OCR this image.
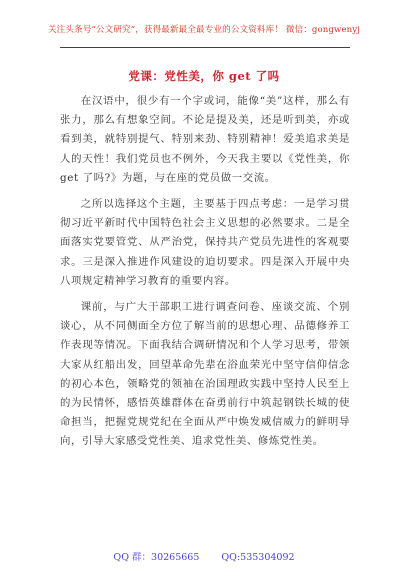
关注头条号“公文研究”，获得最新最全最专业的公文资料库！ 微信：gongwenyj
党课：党性美，你 get 了吗

在汉语中，很少有一个字或词，能像“美”这样，那么有张力，那么有想象空间。不论是提及美，还是听到美，亦或看到美，就特别提气、特别来劲、特别精神！爱美追求美是人的天性！我们党员也不例外，今天我主要以《党性美，你 get 了吗?》为题，与在座的党员做一交流。

之所以选择这个主题，主要基于四点考虑：一是学习贯彻习近平新时代中国特色社会主义思想的必然要求。二是全面落实党要管党、从严治党，保持共产党员先进性的客观要求。三是深入推进作风建设的迫切要求。四是深入开展中央八项规定精神学习教育的重要内容。

课前，与广大干部职工进行调查问卷、座谈交流、个别谈心，从不同侧面全方位了解当前的思想心理、品德修养工作表现等情况。下面我结合调研情况和个人学习思考，带领大家从红船出发，回望革命先辈在浴血荣光中坚守信仰信念的初心本色，领略党的领袖在治国理政实践中坚持人民至上的为民情怀，感悟英雄群体在奋勇前行中筑起钢铁长城的使命担当，把握党规党纪在全面从严中焕发威信威力的鲜明导向，引导大家感受党性美、追求党性美、修炼党性美。

QQ 群：30265665 QQ:535304092
